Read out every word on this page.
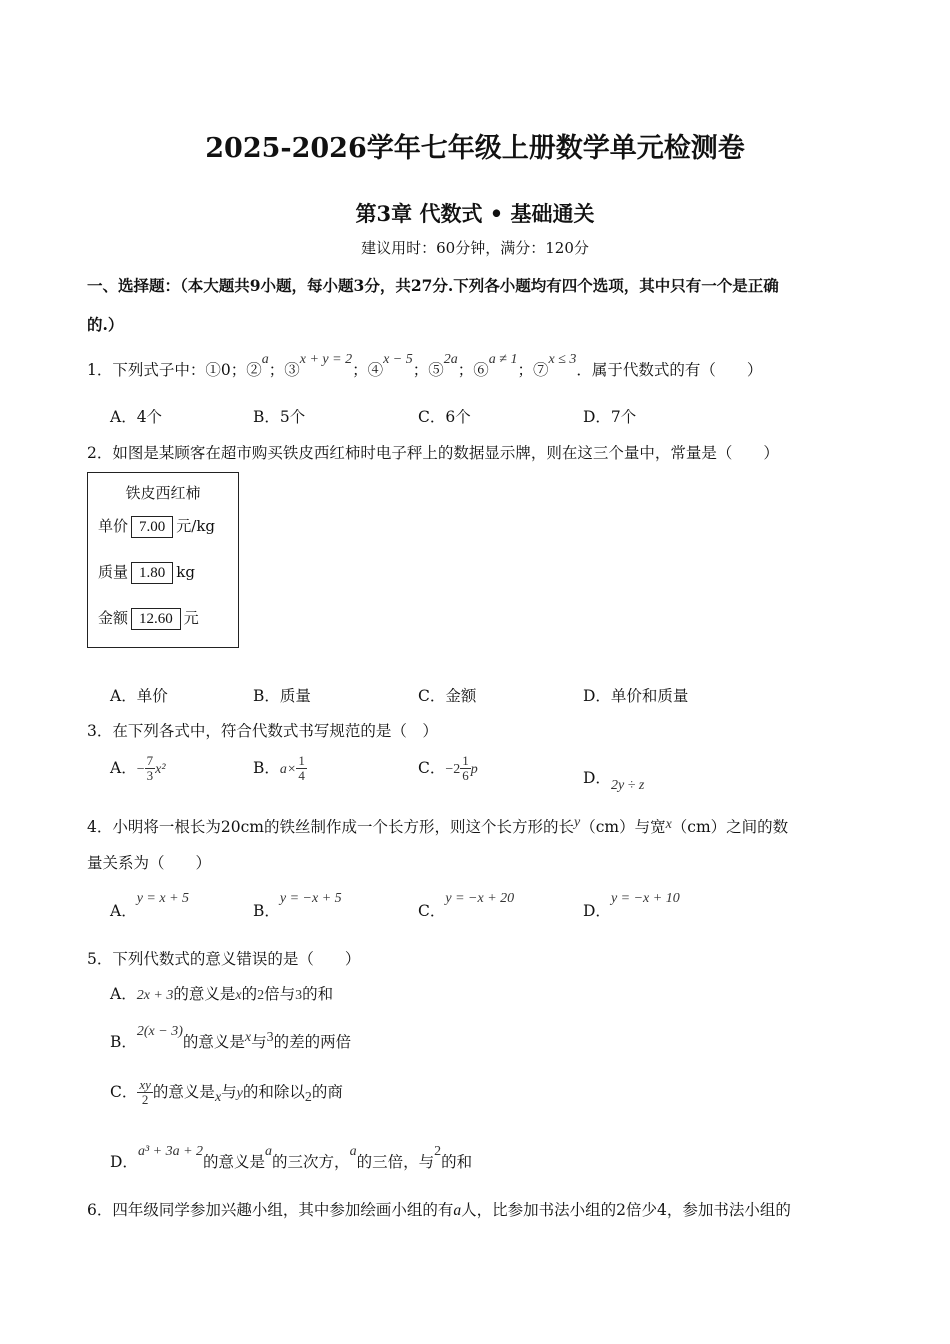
2025-2026学年七年级上册数学单元检测卷
第3章 代数式 • 基础通关
建议用时：60分钟，满分：120分
一、选择题：（本大题共9小题，每小题3分，共27分.下列各小题均有四个选项，其中只有一个是正确
的.）
1．下列式子中：①0；②a；③x + y = 2；④x − 5；⑤2a；⑥a ≠ 1；⑦x ≤ 3．属于代数式的有（　　）
A．4个	B．5个	C．6个	D．7个
2．如图是某顾客在超市购买铁皮西红柿时电子秤上的数据显示牌，则在这三个量中，常量是（　　）
铁皮西红柿
单价 7.00 元/kg
质量 1.80 kg
金额 12.60 元
A．单价	B．质量	C．金额	D．单价和质量
3．在下列各式中，符合代数式书写规范的是（　）
A．− $\frac{7}{3} x^2$	B．$a\times \frac{1}{4}$	C．$-2 \frac{1}{6}$ p	D．2y ÷ z
4．小明将一根长为20cm的铁丝制作成一个长方形，则这个长方形的长y（cm）与宽x（cm）之间的数
量关系为（　　）
A．y = x + 5
B．y = −x + 5
C．y = −x + 20
D．y = −x + 10
5．下列代数式的意义错误的是（　　）
A．2x + 3的意义是x的2倍与3的和
B．2(x − 3)的意义是x与3的差的两倍
C． $\frac{xy}{2}$ 的意义是x与y的和除以2的商
D．a³ + 3a + 2的意义是a的三次方，a的三倍，与2的和
6．四年级同学参加兴趣小组，其中参加绘画小组的有a人，比参加书法小组的2倍少4，参加书法小组的
